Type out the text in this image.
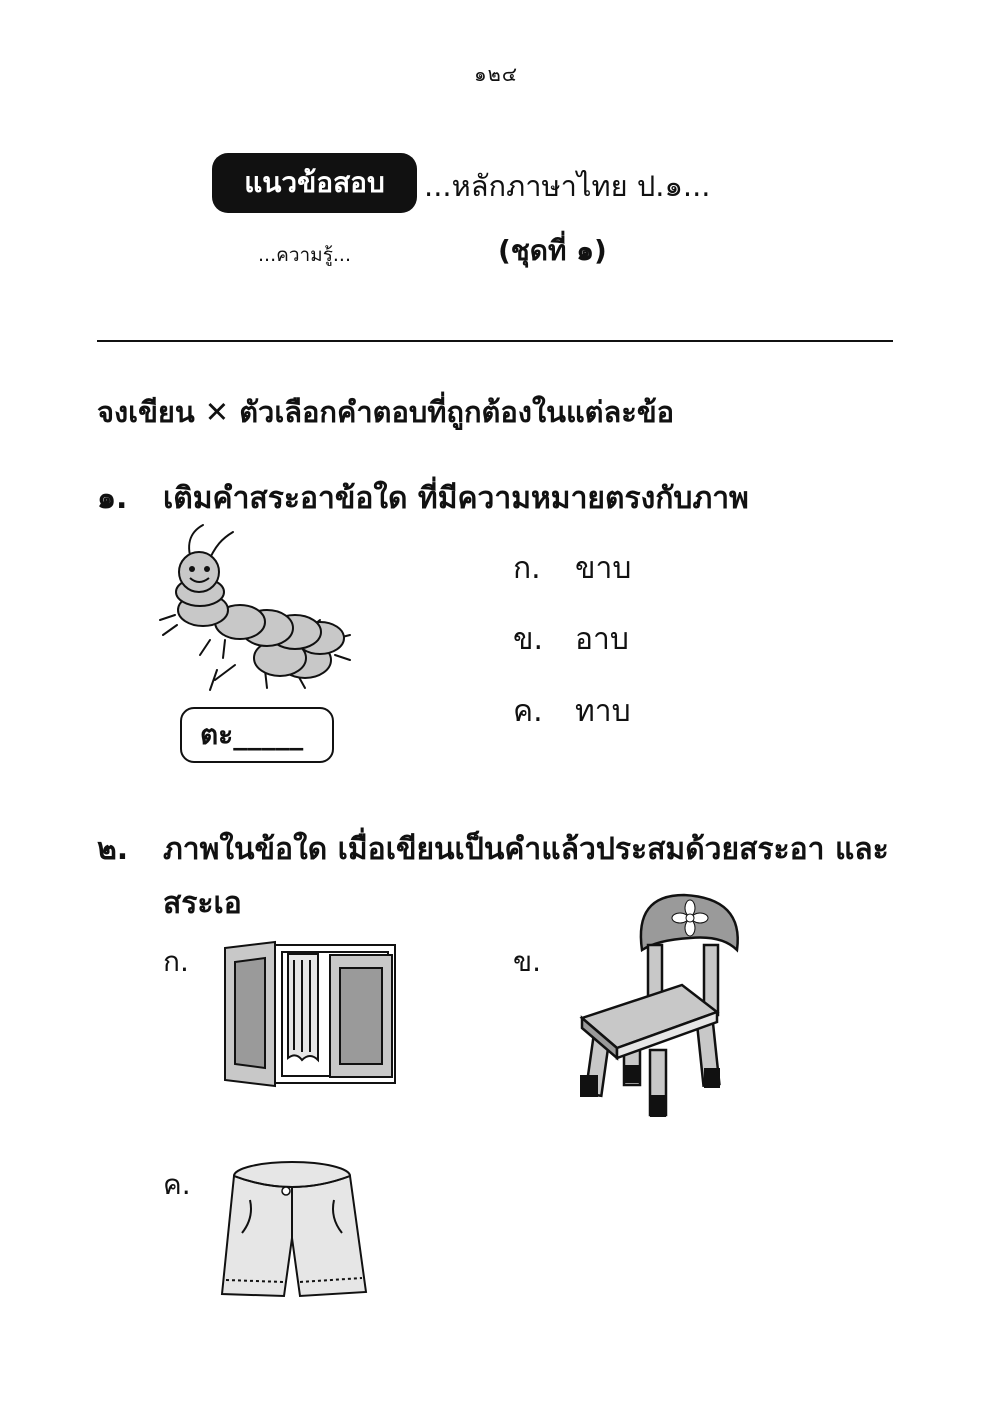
๑๒๔
แนวข้อสอบ ...หลักภาษาไทย ป.๑...
...ความรู้...	(ชุดที่ ๑)
จงเขียน ✕ ตัวเลือกคำตอบที่ถูกต้องในแต่ละข้อ
๑. เติมคำสระอาข้อใด ที่มีความหมายตรงกับภาพ
ตะ_____
ก.	ขาบ
ข.	อาบ
ค.	ทาบ
๒. ภาพในข้อใด เมื่อเขียนเป็นคำแล้วประสมด้วยสระอา และ
สระเอ
ก.	ข.
ค.
